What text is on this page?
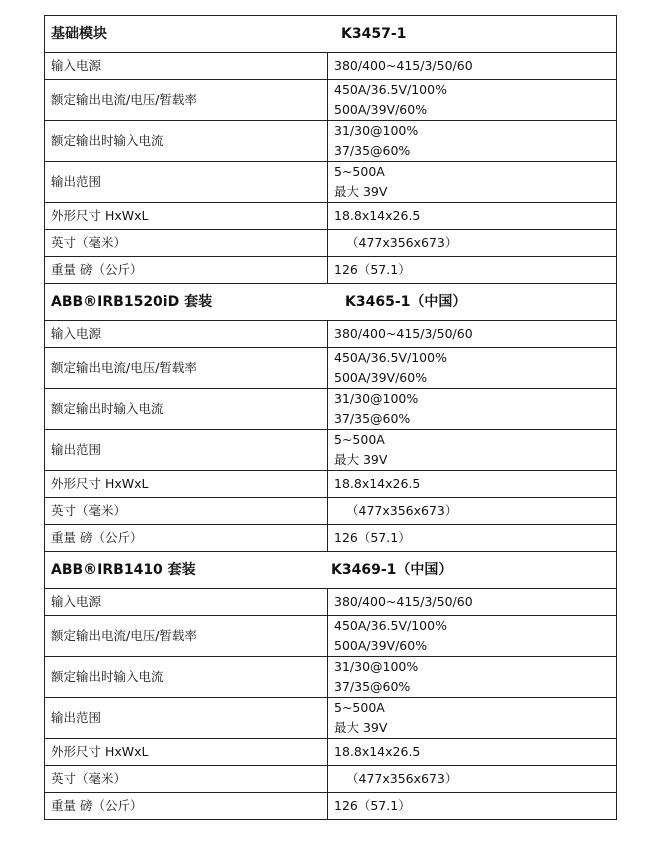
基础模块 K3457-1	
输入电源	380/400~415/3/50/60

额定输出电流/电压/暂载率	450A/36.5V/100%
500A/39V/60%

额定输出时输入电流	31/30@100%
37/35@60%

输出范围	5~500A
最大 39V

外形尺寸 HxWxL	18.8x14x26.5

英寸（毫米）	（477x356x673）

重量 磅（公斤）	126（57.1）

ABB®IRB1520iD 套装 K3465-1（中国）	
输入电源	380/400~415/3/50/60

额定输出电流/电压/暂载率	450A/36.5V/100%
500A/39V/60%

额定输出时输入电流	31/30@100%
37/35@60%

输出范围	5~500A
最大 39V

外形尺寸 HxWxL	18.8x14x26.5

英寸（毫米）	（477x356x673）

重量 磅（公斤）	126（57.1）

ABB®IRB1410 套装 K3469-1（中国）	
输入电源	380/400~415/3/50/60

额定输出电流/电压/暂载率	450A/36.5V/100%
500A/39V/60%

额定输出时输入电流	31/30@100%
37/35@60%

输出范围	5~500A
最大 39V

外形尺寸 HxWxL	18.8x14x26.5

英寸（毫米）	（477x356x673）

重量 磅（公斤）	126（57.1）
